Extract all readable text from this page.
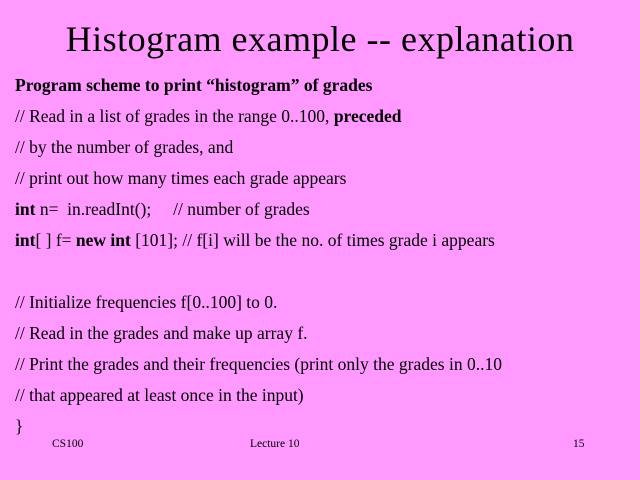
Histogram example -- explanation
Program scheme to print “histogram” of grades
// Read in a list of grades in the range 0..100, preceded
// by the number of grades, and
// print out how many times each grade appears
int n=  in.readInt();     // number of grades
int[ ] f= new int [101]; // f[i] will be the no. of times grade i appears

// Initialize frequencies f[0..100] to 0.
// Read in the grades and make up array f.
// Print the grades and their frequencies (print only the grades in 0..10
// that appeared at least once in the input)
}
CS100	Lecture 10	15
